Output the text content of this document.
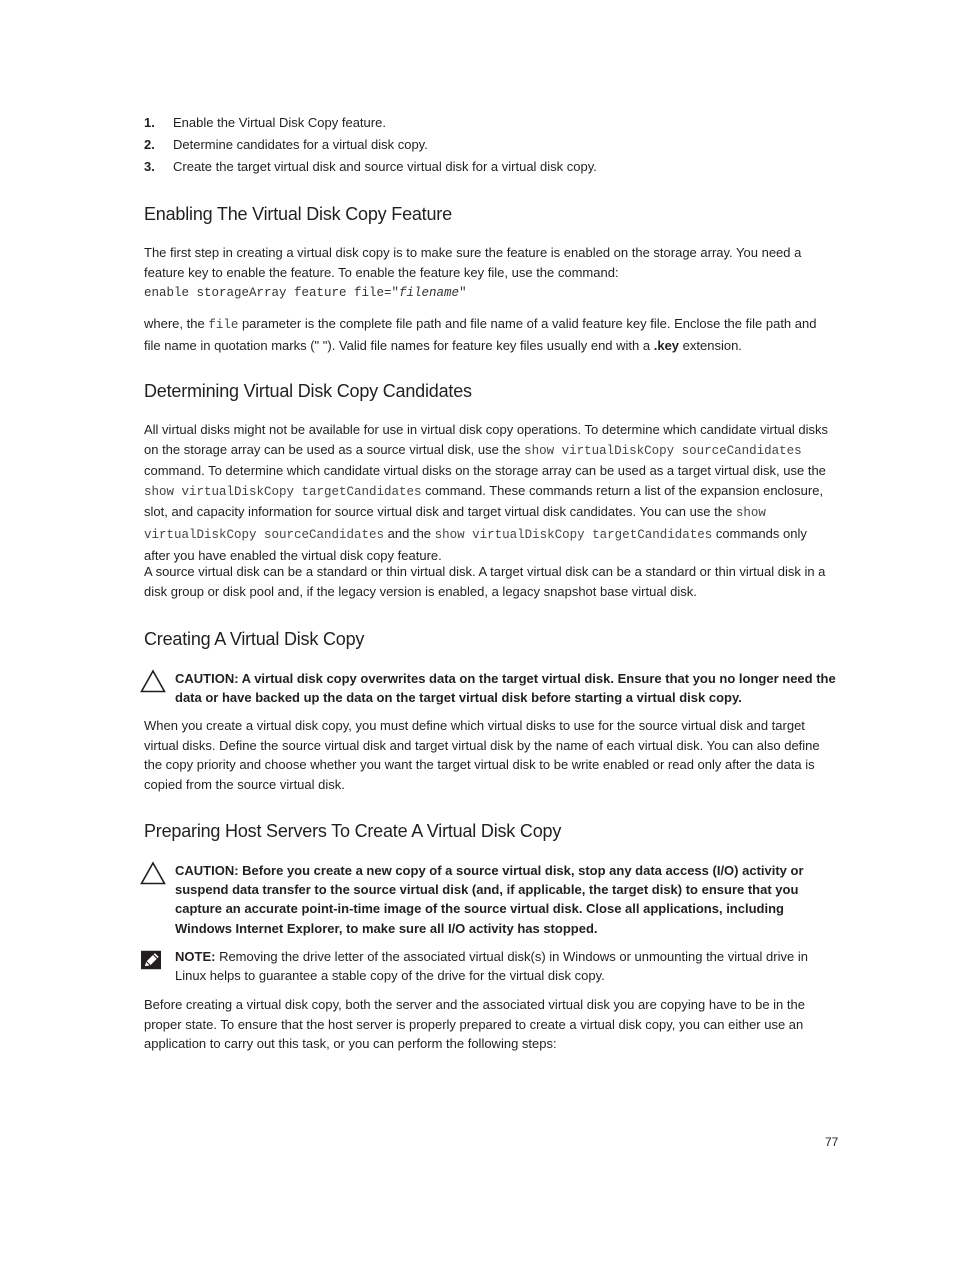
1. Enable the Virtual Disk Copy feature.
2. Determine candidates for a virtual disk copy.
3. Create the target virtual disk and source virtual disk for a virtual disk copy.
Enabling The Virtual Disk Copy Feature

The first step in creating a virtual disk copy is to make sure the feature is enabled on the storage array. You need a feature key to enable the feature. To enable the feature key file, use the command:

enable storageArray feature file="filename"

where, the file parameter is the complete file path and file name of a valid feature key file. Enclose the file path and file name in quotation marks (" "). Valid file names for feature key files usually end with a .key extension.

Determining Virtual Disk Copy Candidates

All virtual disks might not be available for use in virtual disk copy operations. To determine which candidate virtual disks on the storage array can be used as a source virtual disk, use the show virtualDiskCopy sourceCandidates command. To determine which candidate virtual disks on the storage array can be used as a target virtual disk, use the show virtualDiskCopy targetCandidates command. These commands return a list of the expansion enclosure, slot, and capacity information for source virtual disk and target virtual disk candidates. You can use the show virtualDiskCopy sourceCandidates and the show virtualDiskCopy targetCandidates commands only after you have enabled the virtual disk copy feature.

A source virtual disk can be a standard or thin virtual disk. A target virtual disk can be a standard or thin virtual disk in a disk group or disk pool and, if the legacy version is enabled, a legacy snapshot base virtual disk.

Creating A Virtual Disk Copy
CAUTION: A virtual disk copy overwrites data on the target virtual disk. Ensure that you no longer need the data or have backed up the data on the target virtual disk before starting a virtual disk copy.

When you create a virtual disk copy, you must define which virtual disks to use for the source virtual disk and target virtual disks. Define the source virtual disk and target virtual disk by the name of each virtual disk. You can also define the copy priority and choose whether you want the target virtual disk to be write enabled or read only after the data is copied from the source virtual disk.

Preparing Host Servers To Create A Virtual Disk Copy
CAUTION: Before you create a new copy of a source virtual disk, stop any data access (I/O) activity or suspend data transfer to the source virtual disk (and, if applicable, the target disk) to ensure that you capture an accurate point-in-time image of the source virtual disk. Close all applications, including Windows Internet Explorer, to make sure all I/O activity has stopped.
NOTE: Removing the drive letter of the associated virtual disk(s) in Windows or unmounting the virtual drive in Linux helps to guarantee a stable copy of the drive for the virtual disk copy.

Before creating a virtual disk copy, both the server and the associated virtual disk you are copying have to be in the proper state. To ensure that the host server is properly prepared to create a virtual disk copy, you can either use an application to carry out this task, or you can perform the following steps:

77
